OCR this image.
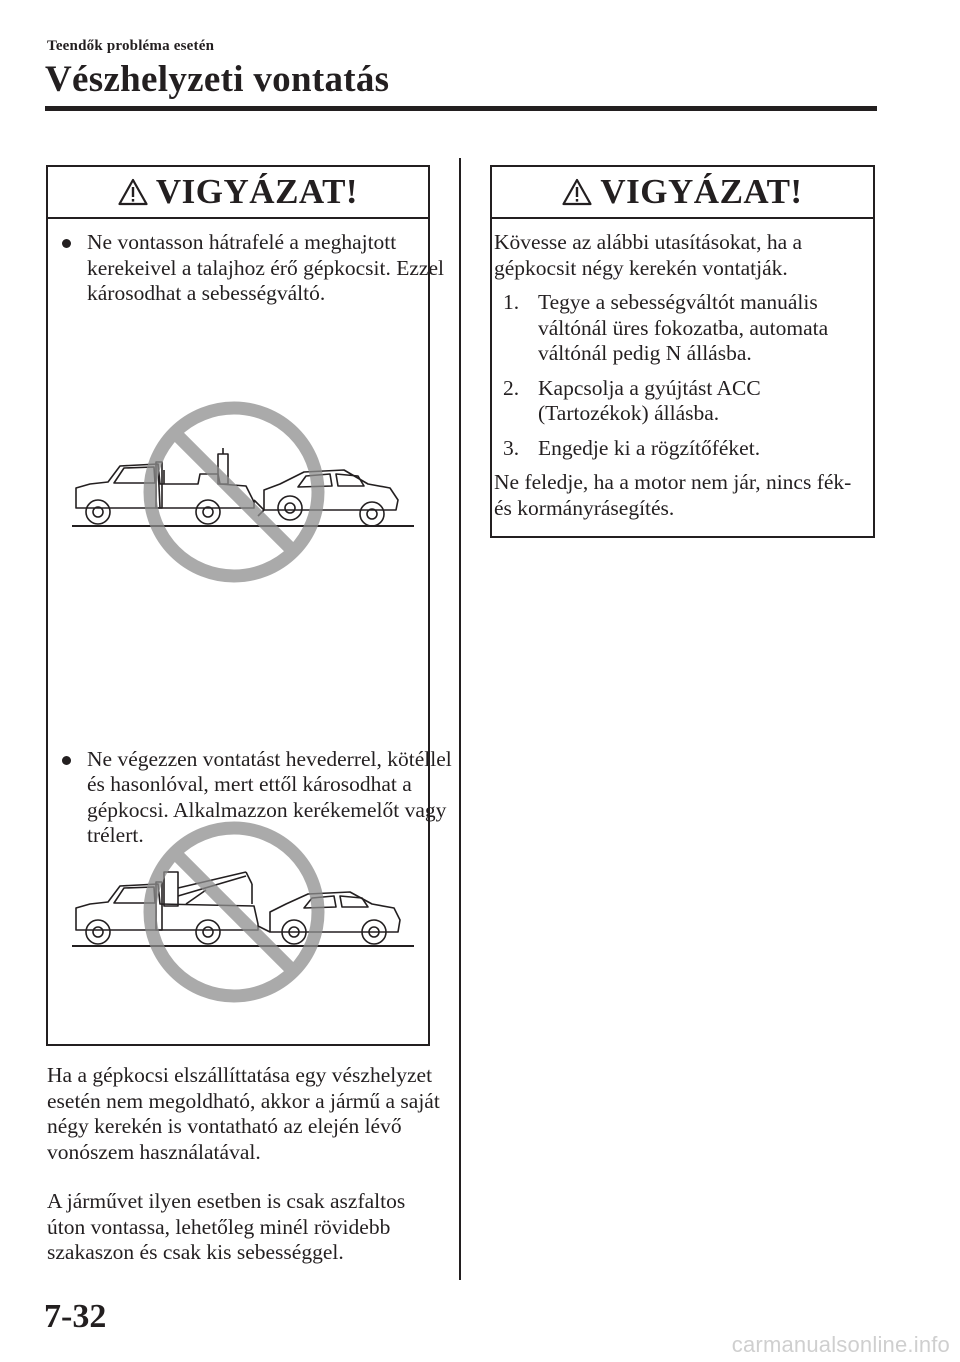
Teendők probléma esetén
Vészhelyzeti vontatás
VIGYÁZAT!
Ne vontasson hátrafelé a meghajtott kerekeivel a talajhoz érő gépkocsit. Ezzel károsodhat a sebességváltó.
Ne végezzen vontatást hevederrel, kötéllel és hasonlóval, mert ettől károsodhat a gépkocsi. Alkalmazzon kerékemelőt vagy trélert.
Ha a gépkocsi elszállíttatása egy vészhelyzet esetén nem megoldható, akkor a jármű a saját négy kerekén is vontatható az elején lévő vonószem használatával.
A járművet ilyen esetben is csak aszfaltos úton vontassa, lehetőleg minél rövidebb szakaszon és csak kis sebességgel.
VIGYÁZAT!
Kövesse az alábbi utasításokat, ha a gépkocsit négy kerekén vontatják.
1. Tegye a sebességváltót manuális váltónál üres fokozatba, automata váltónál pedig N állásba.
2. Kapcsolja a gyújtást ACC (Tartozékok) állásba.
3. Engedje ki a rögzítőféket.
Ne feledje, ha a motor nem jár, nincs fék- és kormányrásegítés.
7-32
carmanualsonline.info
